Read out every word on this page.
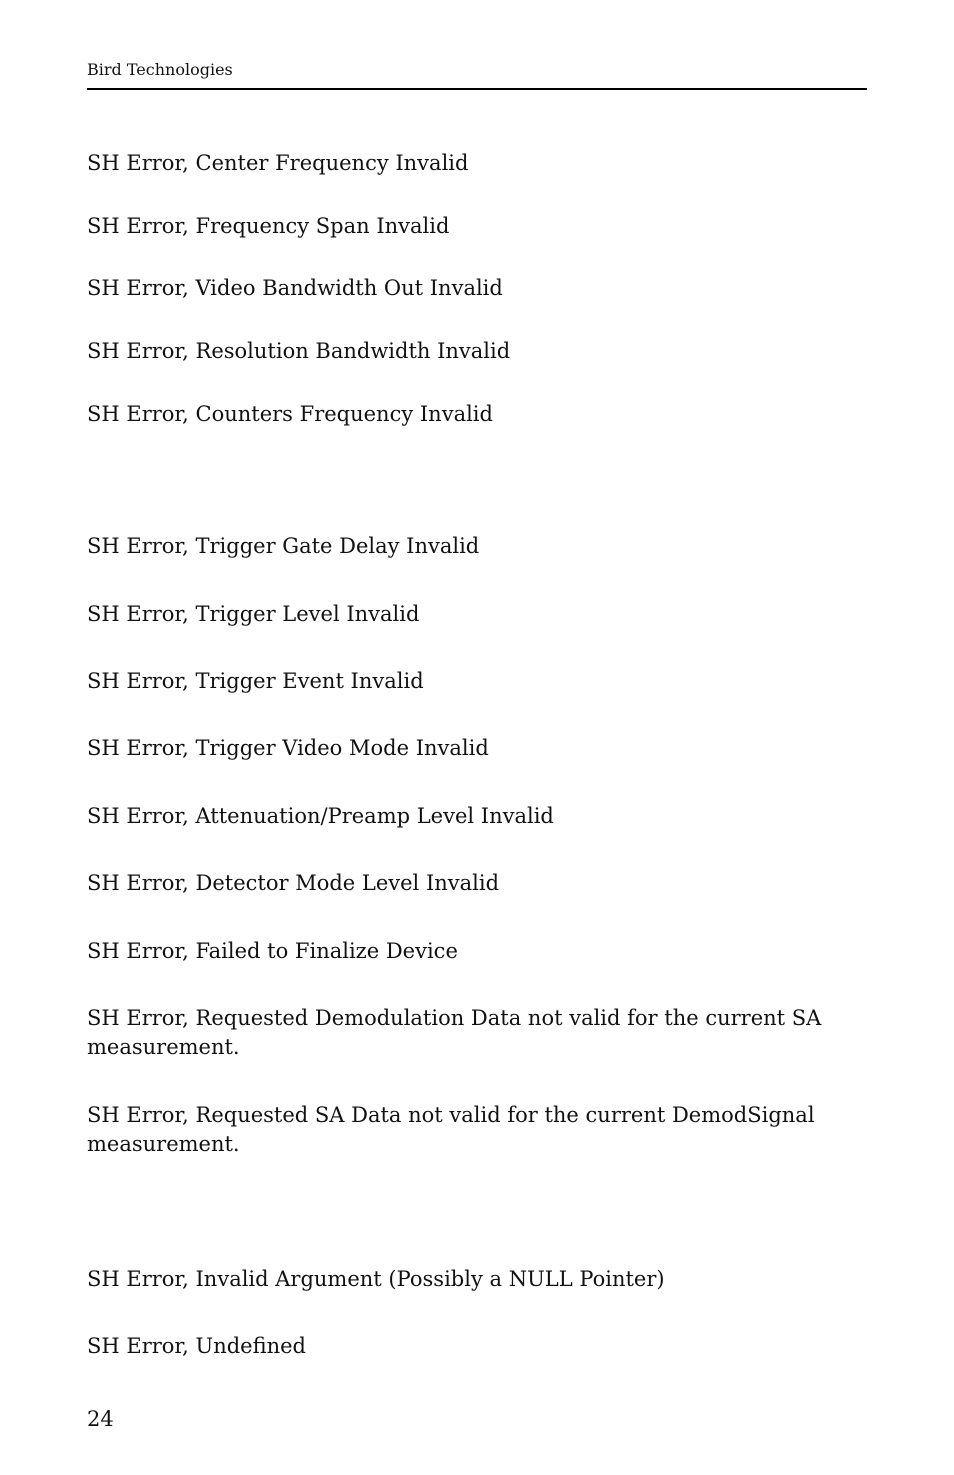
Bird Technologies
SH Error, Center Frequency Invalid
SH Error, Frequency Span Invalid
SH Error, Video Bandwidth Out Invalid
SH Error, Resolution Bandwidth Invalid
SH Error, Counters Frequency Invalid
SH Error, Trigger Gate Delay Invalid
SH Error, Trigger Level Invalid
SH Error, Trigger Event Invalid
SH Error, Trigger Video Mode Invalid
SH Error, Attenuation/Preamp Level Invalid
SH Error, Detector Mode Level Invalid
SH Error, Failed to Finalize Device
SH Error, Requested Demodulation Data not valid for the current SA measurement.
SH Error, Requested SA Data not valid for the current DemodSignal measurement.
SH Error, Invalid Argument (Possibly a NULL Pointer)
SH Error, Undefined
24
